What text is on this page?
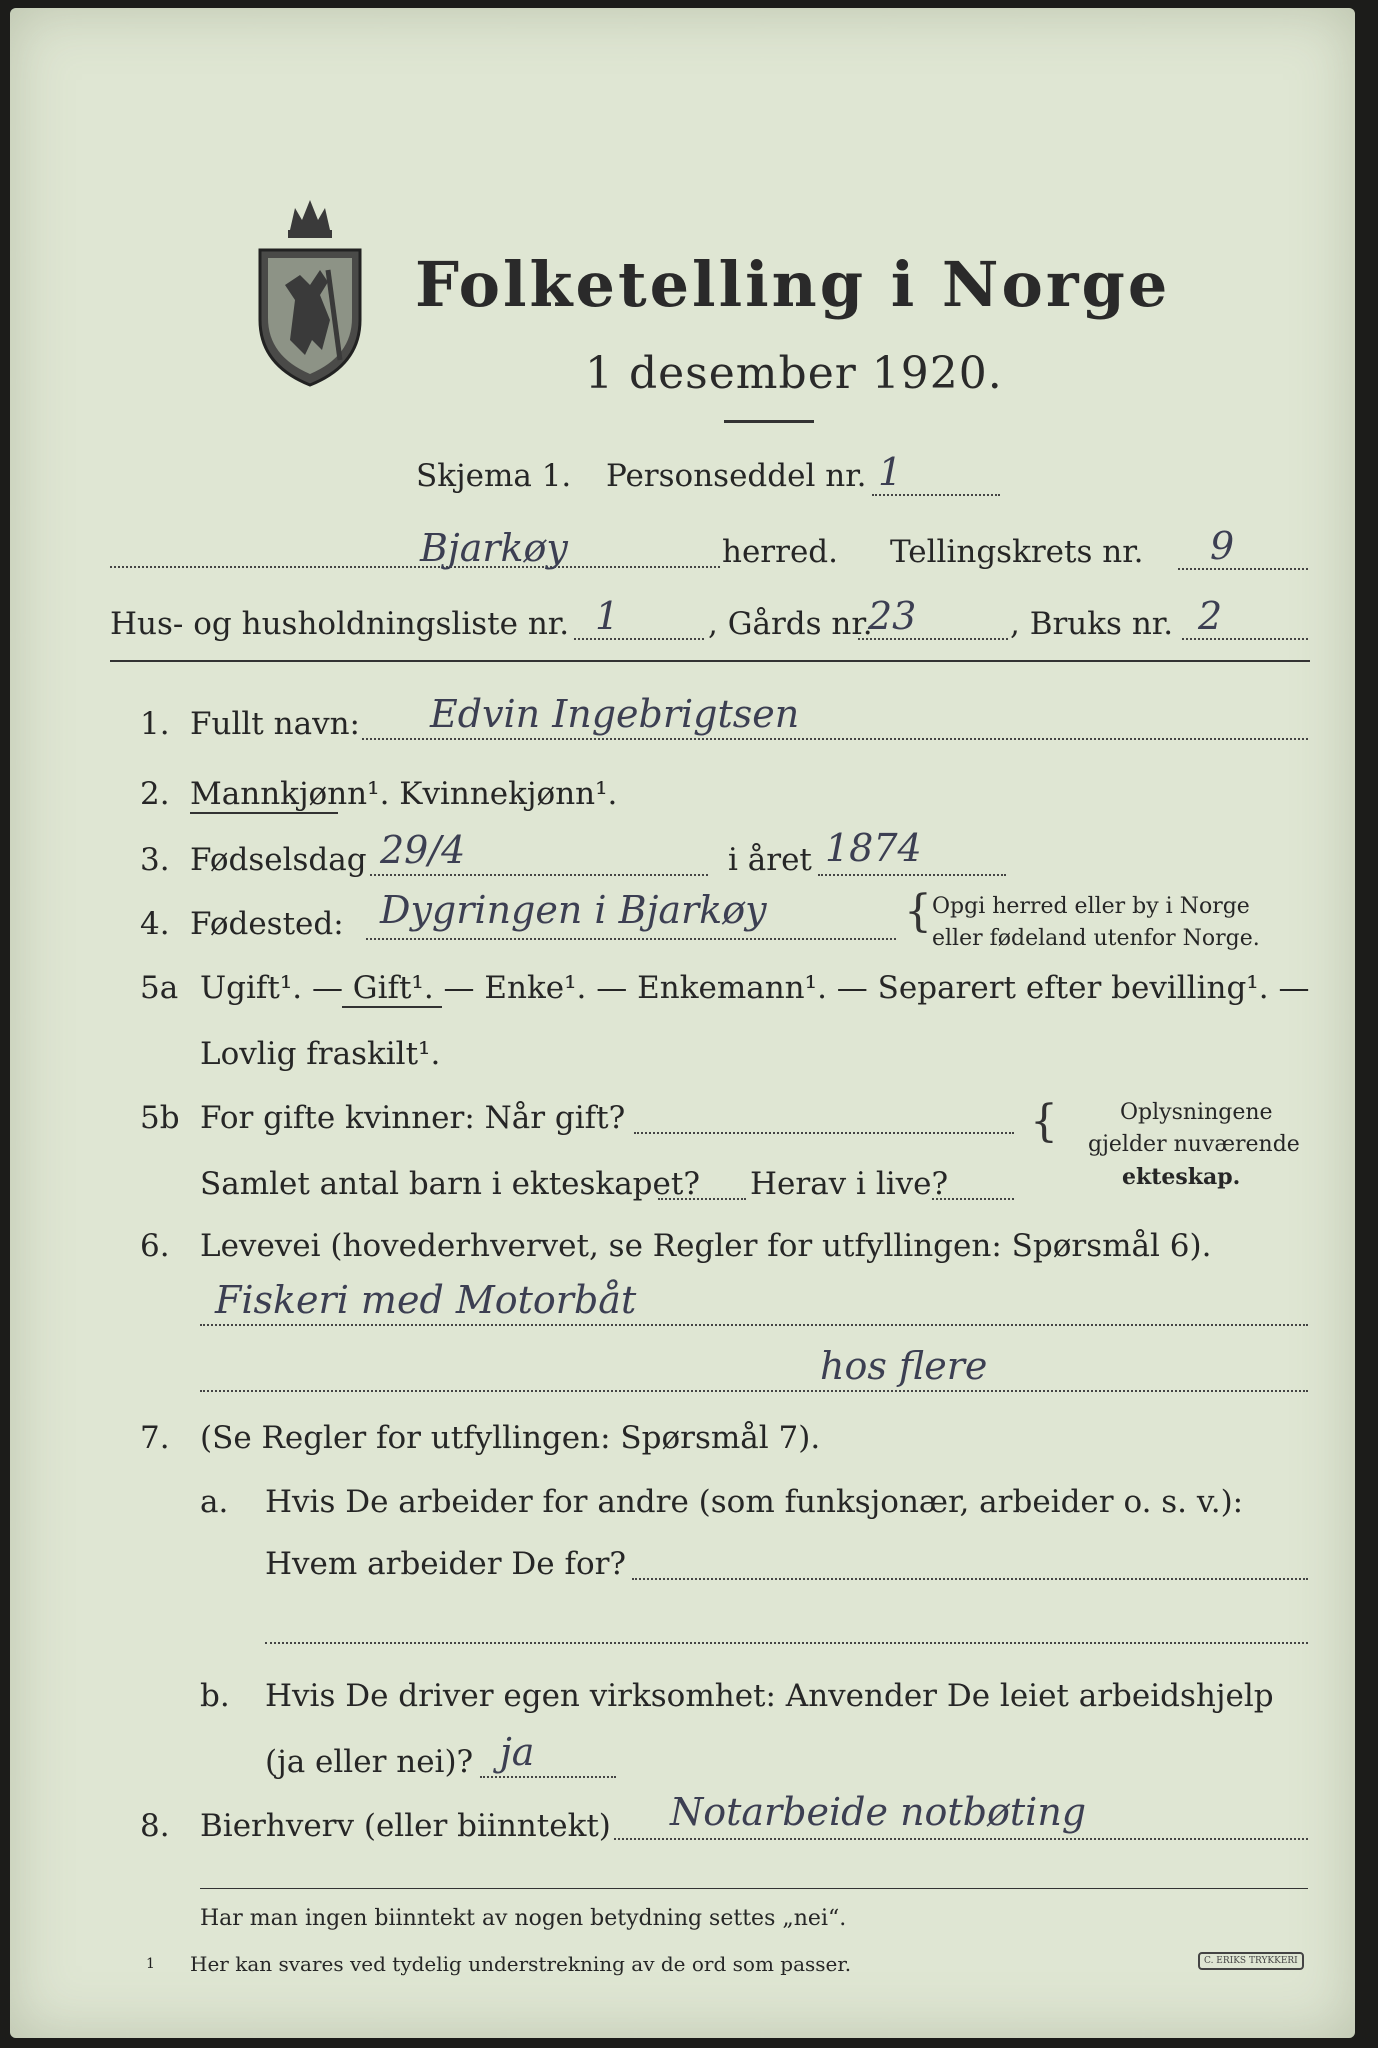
Folketelling i Norge
1 desember 1920.
Skjema 1. Personseddel nr. 1
Bjarkøy	herred. Tellingskrets nr. 9
Hus- og husholdningsliste nr. 1	, Gårds nr.
23	, Bruks nr. 2
1. Fullt navn: Edvin Ingebrigtsen
2. Mannkjønn¹. Kvinnekjønn¹.
3. Fødselsdag 29/4	i året 1874
4. Fødested: Dygringen i Bjarkøy	{ Opgi herred eller by i Norge
eller fødeland utenfor Norge.
5a Ugift¹. — Gift¹. — Enke¹. — Enkemann¹. — Separert efter bevilling¹. —
Lovlig fraskilt¹.
5b For gifte kvinner: Når gift?
Samlet antal barn i ekteskapet? Herav i live?
{	Oplysningene
gjelder nuværende
ekteskap.
6. Levevei (hovederhvervet, se Regler for utfyllingen: Spørsmål 6).
Fiskeri med Motorbåt
hos flere
7. (Se Regler for utfyllingen: Spørsmål 7).
a. Hvis De arbeider for andre (som funksjonær, arbeider o. s. v.):
Hvem arbeider De for?
b. Hvis De driver egen virksomhet: Anvender De leiet arbeidshjelp
(ja eller nei)? ja
8. Bierhverv (eller biinntekt) Notarbeide notbøting
Har man ingen biinntekt av nogen betydning settes „nei“.
1 Her kan svares ved tydelig understrekning av de ord som passer.	C. ERIKS TRYKKERI
